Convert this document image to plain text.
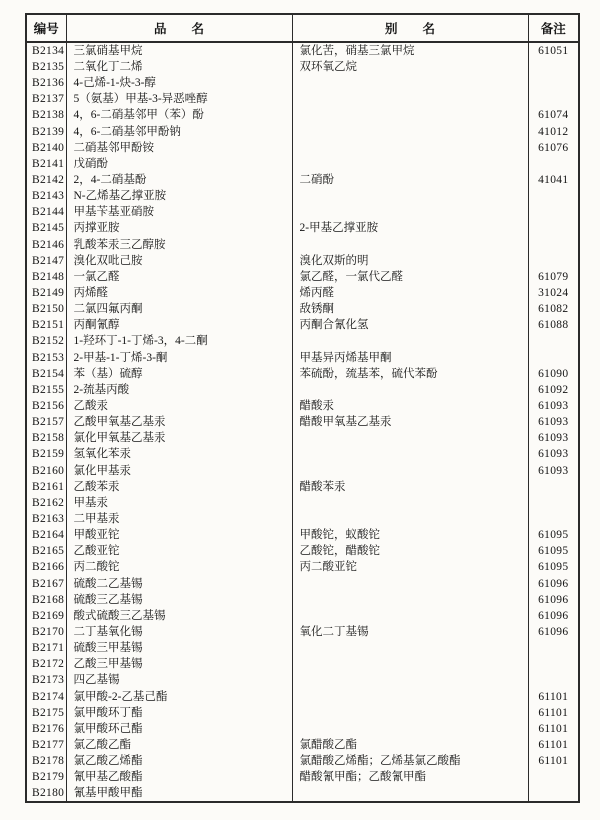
编号	品　　名	别　　名	备注
B2134	三氯硝基甲烷	氯化苦，硝基三氯甲烷	61051
B2135	二氧化丁二烯	双环氧乙烷	
B2136	4-己烯-1-炔-3-醇		
B2137	5（氨基）甲基-3-异恶唑醇		
B2138	4，6-二硝基邻甲（苯）酚		61074
B2139	4，6-二硝基邻甲酚钠		41012
B2140	二硝基邻甲酚铵		61076
B2141	戊硝酚		
B2142	2，4-二硝基酚	二硝酚	41041
B2143	N-乙烯基乙撑亚胺		
B2144	甲基苄基亚硝胺		
B2145	丙撑亚胺	2-甲基乙撑亚胺	
B2146	乳酸苯汞三乙醇胺		
B2147	溴化双吡己胺	溴化双斯的明	
B2148	一氯乙醛	氯乙醛，一氯代乙醛	61079
B2149	丙烯醛	烯丙醛	31024
B2150	二氯四氟丙酮	敌锈酮	61082
B2151	丙酮氰醇	丙酮合氰化氢	61088
B2152	1-羟环丁-1-丁烯-3，4-二酮		
B2153	2-甲基-1-丁烯-3-酮	甲基异丙烯基甲酮	
B2154	苯（基）硫醇	苯硫酚，巯基苯，硫代苯酚	61090
B2155	2-巯基丙酸		61092
B2156	乙酸汞	醋酸汞	61093
B2157	乙酸甲氧基乙基汞	醋酸甲氧基乙基汞	61093
B2158	氯化甲氧基乙基汞		61093
B2159	氢氧化苯汞		61093
B2160	氯化甲基汞		61093
B2161	乙酸苯汞	醋酸苯汞	
B2162	甲基汞		
B2163	二甲基汞		
B2164	甲酸亚铊	甲酸铊，蚁酸铊	61095
B2165	乙酸亚铊	乙酸铊，醋酸铊	61095
B2166	丙二酸铊	丙二酸亚铊	61095
B2167	硫酸二乙基锡		61096
B2168	硫酸三乙基锡		61096
B2169	酸式硫酸三乙基锡		61096
B2170	二丁基氧化锡	氧化二丁基锡	61096
B2171	硫酸三甲基锡		
B2172	乙酸三甲基锡		
B2173	四乙基锡		
B2174	氯甲酸-2-乙基己酯		61101
B2175	氯甲酸环丁酯		61101
B2176	氯甲酸环己酯		61101
B2177	氯乙酸乙酯	氯醋酸乙酯	61101
B2178	氯乙酸乙烯酯	氯醋酸乙烯酯；乙烯基氯乙酸酯	61101
B2179	氰甲基乙酸酯	醋酸氰甲酯；乙酸氰甲酯	
B2180	氰基甲酸甲酯		
